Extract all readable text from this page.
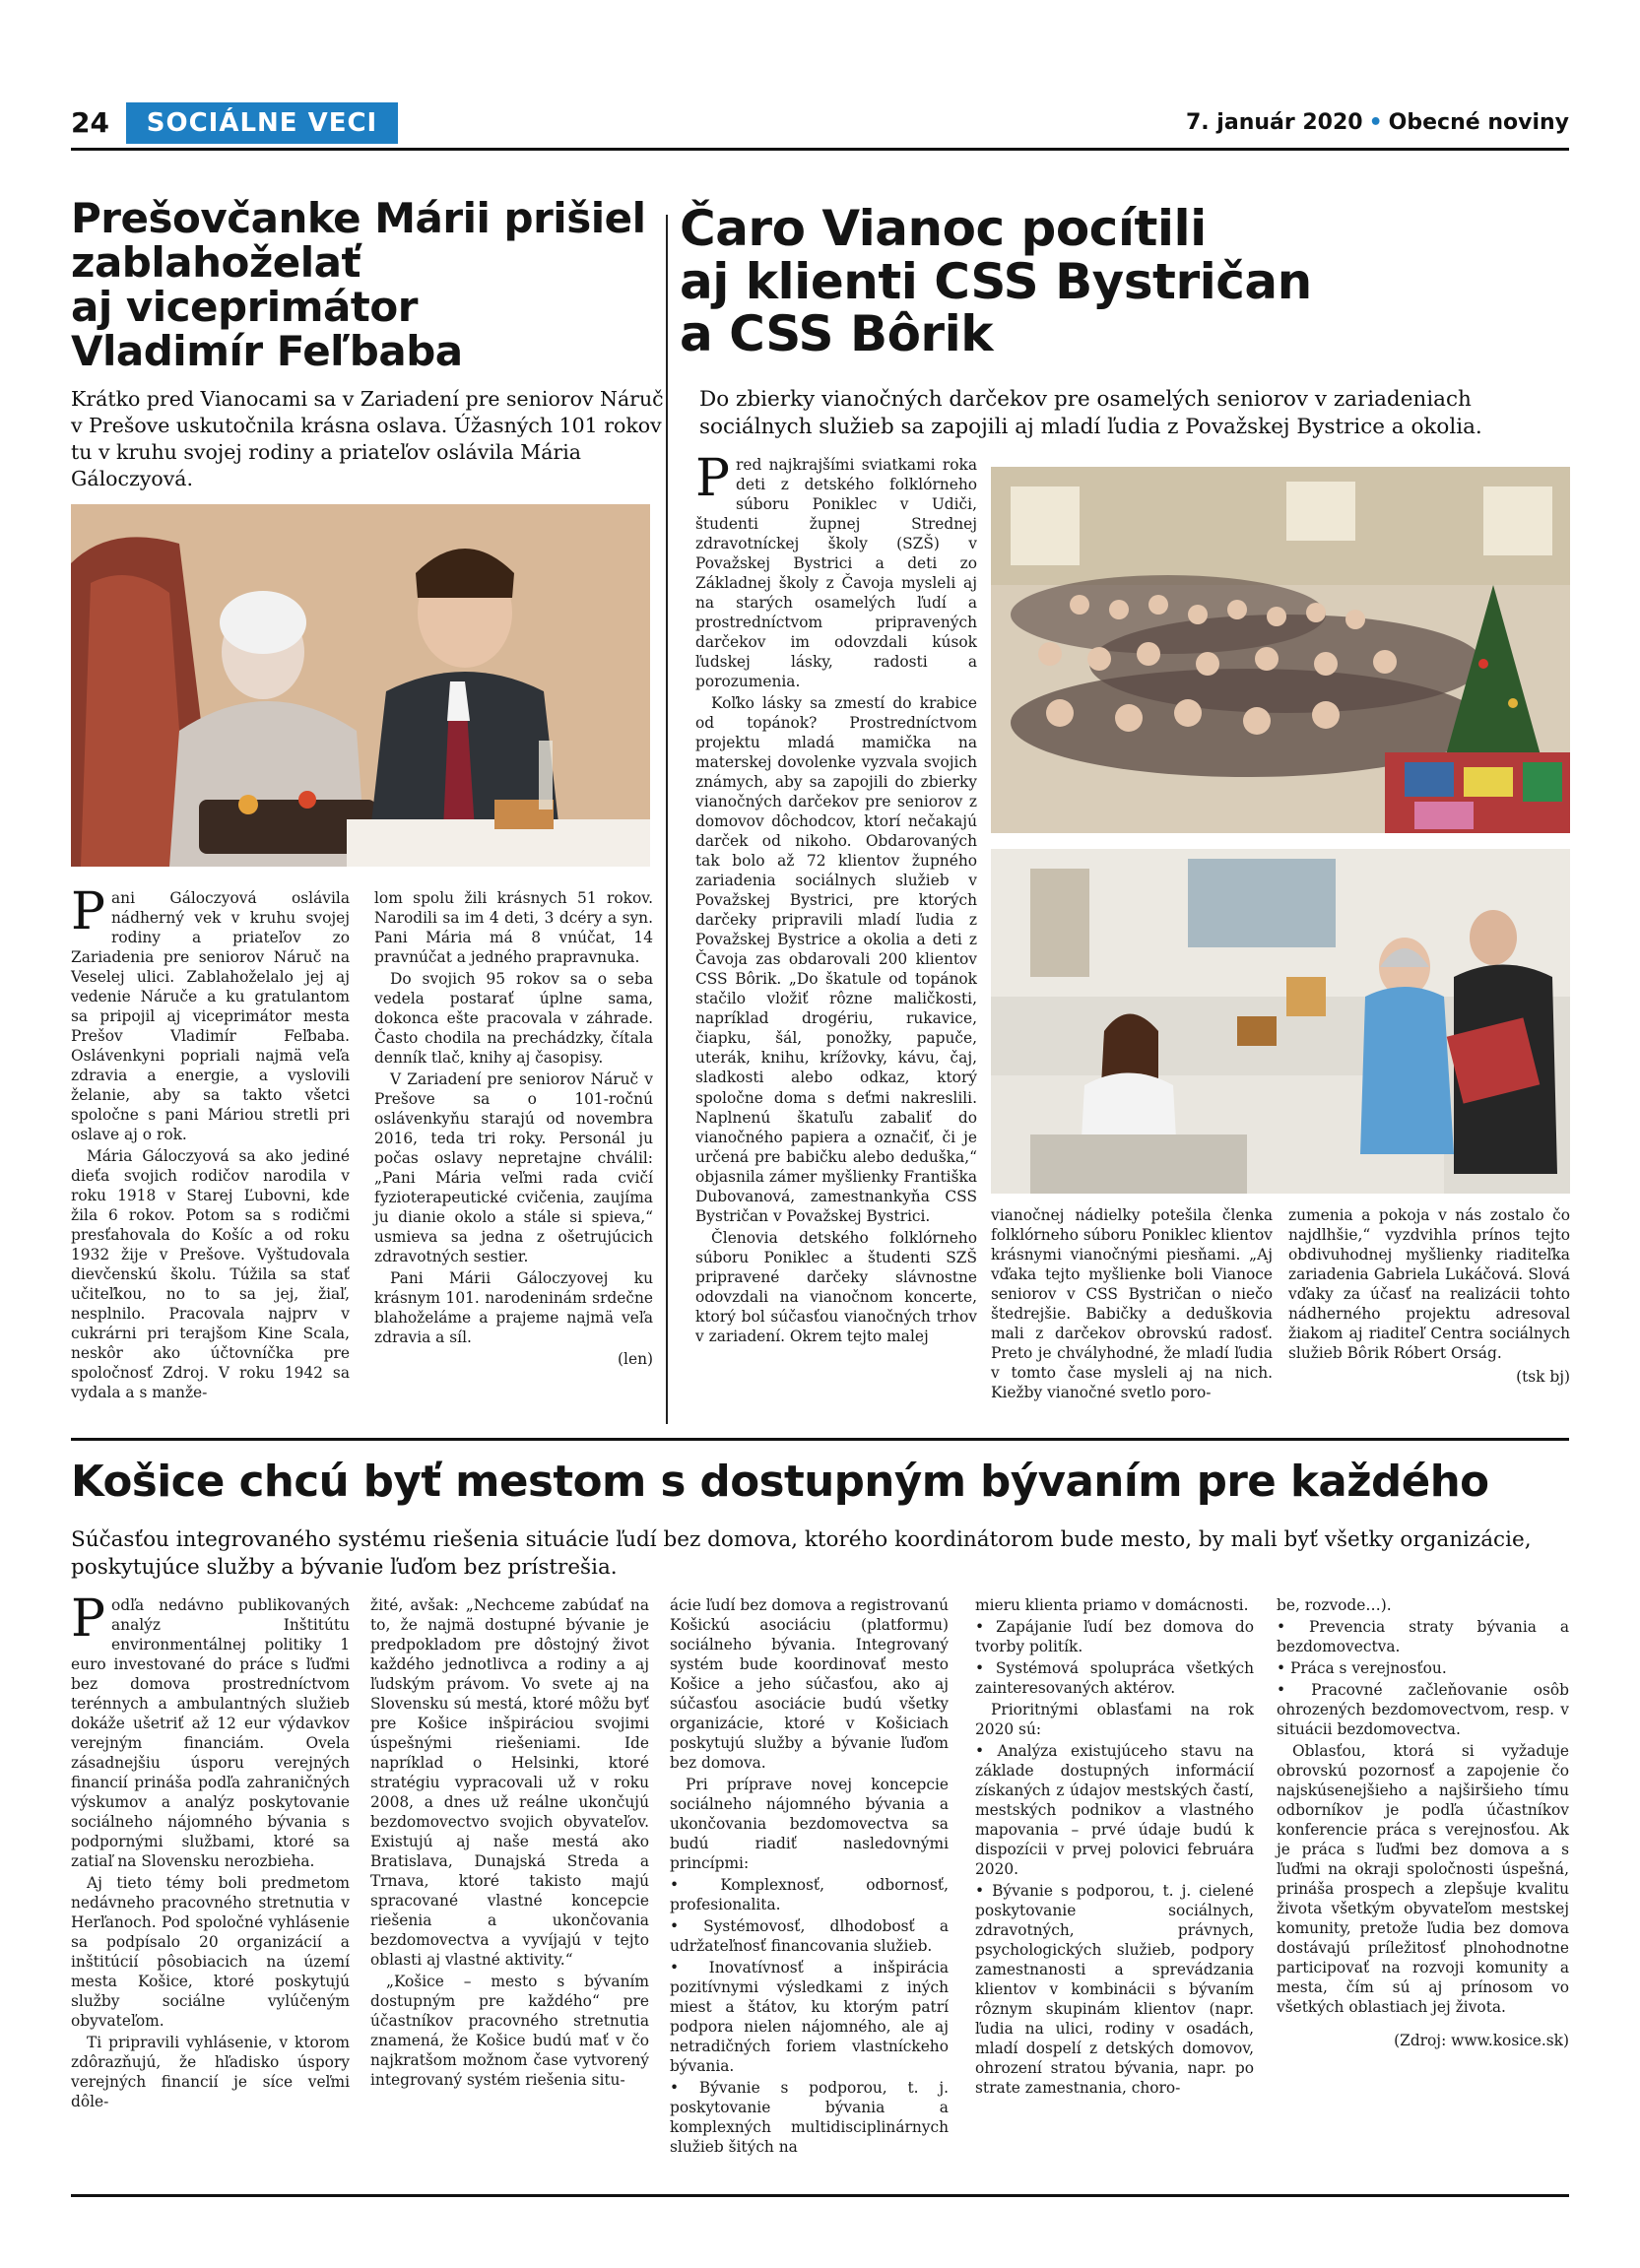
24	SOCIÁLNE VECI	7. január 2020 • Obecné noviny
Prešovčanke Márii prišiel
zablahoželať
aj viceprimátor
Vladimír Feľbaba

Krátko pred Vianocami sa v Zariadení pre seniorov Náruč v Prešove uskutočnila krásna oslava. Úžasných 101 rokov tu v kruhu svojej rodiny a priateľov oslávila Mária Gáloczyová.

Pani Gáloczyová oslávila nádherný vek v kruhu svojej rodiny a priateľov zo Zariadenia pre seniorov Náruč na Veselej ulici. Zablahoželalo jej aj vedenie Náruče a ku gratulantom sa pripojil aj viceprimátor mesta Prešov Vladimír Feľbaba. Oslávenkyni popriali najmä veľa zdravia a energie, a vyslovili želanie, aby sa takto všetci spoločne s pani Máriou stretli pri oslave aj o rok.

Mária Gáloczyová sa ako jediné dieťa svojich rodičov narodila v roku 1918 v Starej Ľubovni, kde žila 6 rokov. Potom sa s rodičmi presťahovala do Košíc a od roku 1932 žije v Prešove. Vyštudovala dievčenskú školu. Túžila sa stať učiteľkou, no to sa jej, žiaľ, nesplnilo. Pracovala najprv v cukrárni pri terajšom Kine Scala, neskôr ako účtovníčka pre spoločnosť Zdroj. V roku 1942 sa vydala a s manže-

lom spolu žili krásnych 51 rokov. Narodili sa im 4 deti, 3 dcéry a syn. Pani Mária má 8 vnúčat, 14 pravnúčat a jedného prapravnuka.

Do svojich 95 rokov sa o seba vedela postarať úplne sama, dokonca ešte pracovala v záhrade. Často chodila na prechádzky, čítala denník tlač, knihy aj časopisy.

V Zariadení pre seniorov Náruč v Prešove sa o 101-ročnú oslávenkyňu starajú od novembra 2016, teda tri roky. Personál ju počas oslavy nepretajne chválil: „Pani Mária veľmi rada cvičí fyzioterapeutické cvičenia, zaujíma ju dianie okolo a stále si spieva,“ usmieva sa jedna z ošetrujúcich zdravotných sestier.

Pani Márii Gáloczyovej ku krásnym 101. narodeninám srdečne blahoželáme a prajeme najmä veľa zdravia a síl.

(len)

Čaro Vianoc pocítili
aj klienti CSS Bystričan
a CSS Bôrik

Do zbierky vianočných darčekov pre osamelých seniorov v zariadeniach sociálnych služieb sa zapojili aj mladí ľudia z Považskej Bystrice a okolia.

Pred najkrajšími sviatkami roka deti z detského folklórneho súboru Poniklec v Udiči, študenti župnej Strednej zdravotníckej školy (SZŠ) v Považskej Bystrici a deti zo Základnej školy z Čavoja mysleli aj na starých osamelých ľudí a prostredníctvom pripravených darčekov im odovzdali kúsok ľudskej lásky, radosti a porozumenia.

Koľko lásky sa zmestí do krabice od topánok? Prostredníctvom projektu mladá mamička na materskej dovolenke vyzvala svojich známych, aby sa zapojili do zbierky vianočných darčekov pre seniorov z domovov dôchodcov, ktorí nečakajú darček od nikoho. Obdarovaných tak bolo až 72 klientov župného zariadenia sociálnych služieb v Považskej Bystrici, pre ktorých darčeky pripravili mladí ľudia z Považskej Bystrice a okolia a deti z Čavoja zas obdarovali 200 klientov CSS Bôrik. „Do škatule od topánok stačilo vložiť rôzne maličkosti, napríklad drogériu, rukavice, čiapku, šál, ponožky, papuče, uterák, knihu, krížovky, kávu, čaj, sladkosti alebo odkaz, ktorý spoločne doma s deťmi nakreslili. Naplnenú škatuľu zabaliť do vianočného papiera a označiť, či je určená pre babičku alebo deduška,“ objasnila zámer myšlienky Františka Dubovanová, zamestnankyňa CSS Bystričan v Považskej Bystrici.

Členovia detského folklórneho súboru Poniklec a študenti SZŠ pripravené darčeky slávnostne odovzdali na vianočnom koncerte, ktorý bol súčasťou vianočných trhov v zariadení. Okrem tejto malej

vianočnej nádielky potešila členka folklórneho súboru Poniklec klientov krásnymi vianočnými piesňami. „Aj vďaka tejto myšlienke boli Vianoce seniorov v CSS Bystričan o niečo štedrejšie. Babičky a deduškovia mali z darčekov obrovskú radosť. Preto je chvályhodné, že mladí ľudia v tomto čase mysleli aj na nich. Kiežby vianočné svetlo poro-

zumenia a pokoja v nás zostalo čo najdlhšie,“ vyzdvihla prínos tejto obdivuhodnej myšlienky riaditeľka zariadenia Gabriela Lukáčová. Slová vďaky za účasť na realizácii tohto nádherného projektu adresoval žiakom aj riaditeľ Centra sociálnych služieb Bôrik Róbert Orság.

(tsk bj)

Košice chcú byť mestom s dostupným bývaním pre každého

Súčasťou integrovaného systému riešenia situácie ľudí bez domova, ktorého koordinátorom bude mesto, by mali byť všetky organizácie, poskytujúce služby a bývanie ľuďom bez prístrešia.

Podľa nedávno publikovaných analýz Inštitútu environmentálnej politiky 1 euro investované do práce s ľuďmi bez domova prostredníctvom terénnych a ambulantných služieb dokáže ušetriť až 12 eur výdavkov verejným financiám. Ovela zásadnejšiu úsporu verejných financií prináša podľa zahraničných výskumov a analýz poskytovanie sociálneho nájomného bývania s podpornými službami, ktoré sa zatiaľ na Slovensku nerozbieha.

Aj tieto témy boli predmetom nedávneho pracovného stretnutia v Herľanoch. Pod spoločné vyhlásenie sa podpísalo 20 organizácií a inštitúcií pôsobiacich na území mesta Košice, ktoré poskytujú služby sociálne vylúčeným obyvateľom.

Ti pripravili vyhlásenie, v ktorom zdôrazňujú, že hľadisko úspory verejných financií je síce veľmi dôle-

žité, avšak: „Nechceme zabúdať na to, že najmä dostupné bývanie je predpokladom pre dôstojný život každého jednotlivca a rodiny a aj ľudským právom. Vo svete aj na Slovensku sú mestá, ktoré môžu byť pre Košice inšpiráciou svojimi úspešnými riešeniami. Ide napríklad o Helsinki, ktoré stratégiu vypracovali už v roku 2008, a dnes už reálne ukončujú bezdomovectvo svojich obyvateľov. Existujú aj naše mestá ako Bratislava, Dunajská Streda a Trnava, ktoré takisto majú spracované vlastné koncepcie riešenia a ukončovania bezdomovectva a vyvíjajú v tejto oblasti aj vlastné aktivity.“

„Košice – mesto s bývaním dostupným pre každého“ pre účastníkov pracovného stretnutia znamená, že Košice budú mať v čo najkratšom možnom čase vytvorený integrovaný systém riešenia situ-

ácie ľudí bez domova a registrovanú Košickú asociáciu (platformu) sociálneho bývania. Integrovaný systém bude koordinovať mesto Košice a jeho súčasťou, ako aj súčasťou asociácie budú všetky organizácie, ktoré v Košiciach poskytujú služby a bývanie ľuďom bez domova.

Pri príprave novej koncepcie sociálneho nájomného bývania a ukončovania bezdomovectva sa budú riadiť nasledovnými princípmi:

• Komplexnosť, odbornosť, profesionalita.

• Systémovosť, dlhodobosť a udržateľnosť financovania služieb.

• Inovatívnosť a inšpirácia pozitívnymi výsledkami z iných miest a štátov, ku ktorým patrí podpora nielen nájomného, ale aj netradičných foriem vlastníckeho bývania.

• Bývanie s podporou, t. j. poskytovanie bývania a komplexných multidisciplinárnych služieb šitých na

mieru klienta priamo v domácnosti.

• Zapájanie ľudí bez domova do tvorby politík.

• Systémová spolupráca všetkých zainteresovaných aktérov.

Prioritnými oblasťami na rok 2020 sú:

• Analýza existujúceho stavu na základe dostupných informácií získaných z údajov mestských častí, mestských podnikov a vlastného mapovania – prvé údaje budú k dispozícii v prvej polovici februára 2020.

• Bývanie s podporou, t. j. cielené poskytovanie sociálnych, zdravotných, právnych, psychologických služieb, podpory zamestnanosti a sprevádzania klientov v kombinácii s bývaním rôznym skupinám klientov (napr. ľudia na ulici, rodiny v osadách, mladí dospelí z detských domovov, ohrození stratou bývania, napr. po strate zamestnania, choro-

be, rozvode…).

• Prevencia straty bývania a bezdomovectva.

• Práca s verejnosťou.

• Pracovné začleňovanie osôb ohrozených bezdomovectvom, resp. v situácii bezdomovectva.

Oblasťou, ktorá si vyžaduje obrovskú pozornosť a zapojenie čo najskúsenejšieho a najširšieho tímu odborníkov je podľa účastníkov konferencie práca s verejnosťou. Ak je práca s ľuďmi bez domova a s ľuďmi na okraji spoločnosti úspešná, prináša prospech a zlepšuje kvalitu života všetkým obyvateľom mestskej komunity, pretože ľudia bez domova dostávajú príležitosť plnohodnotne participovať na rozvoji komunity a mesta, čím sú aj prínosom vo všetkých oblastiach jej života.

(Zdroj: www.kosice.sk)
